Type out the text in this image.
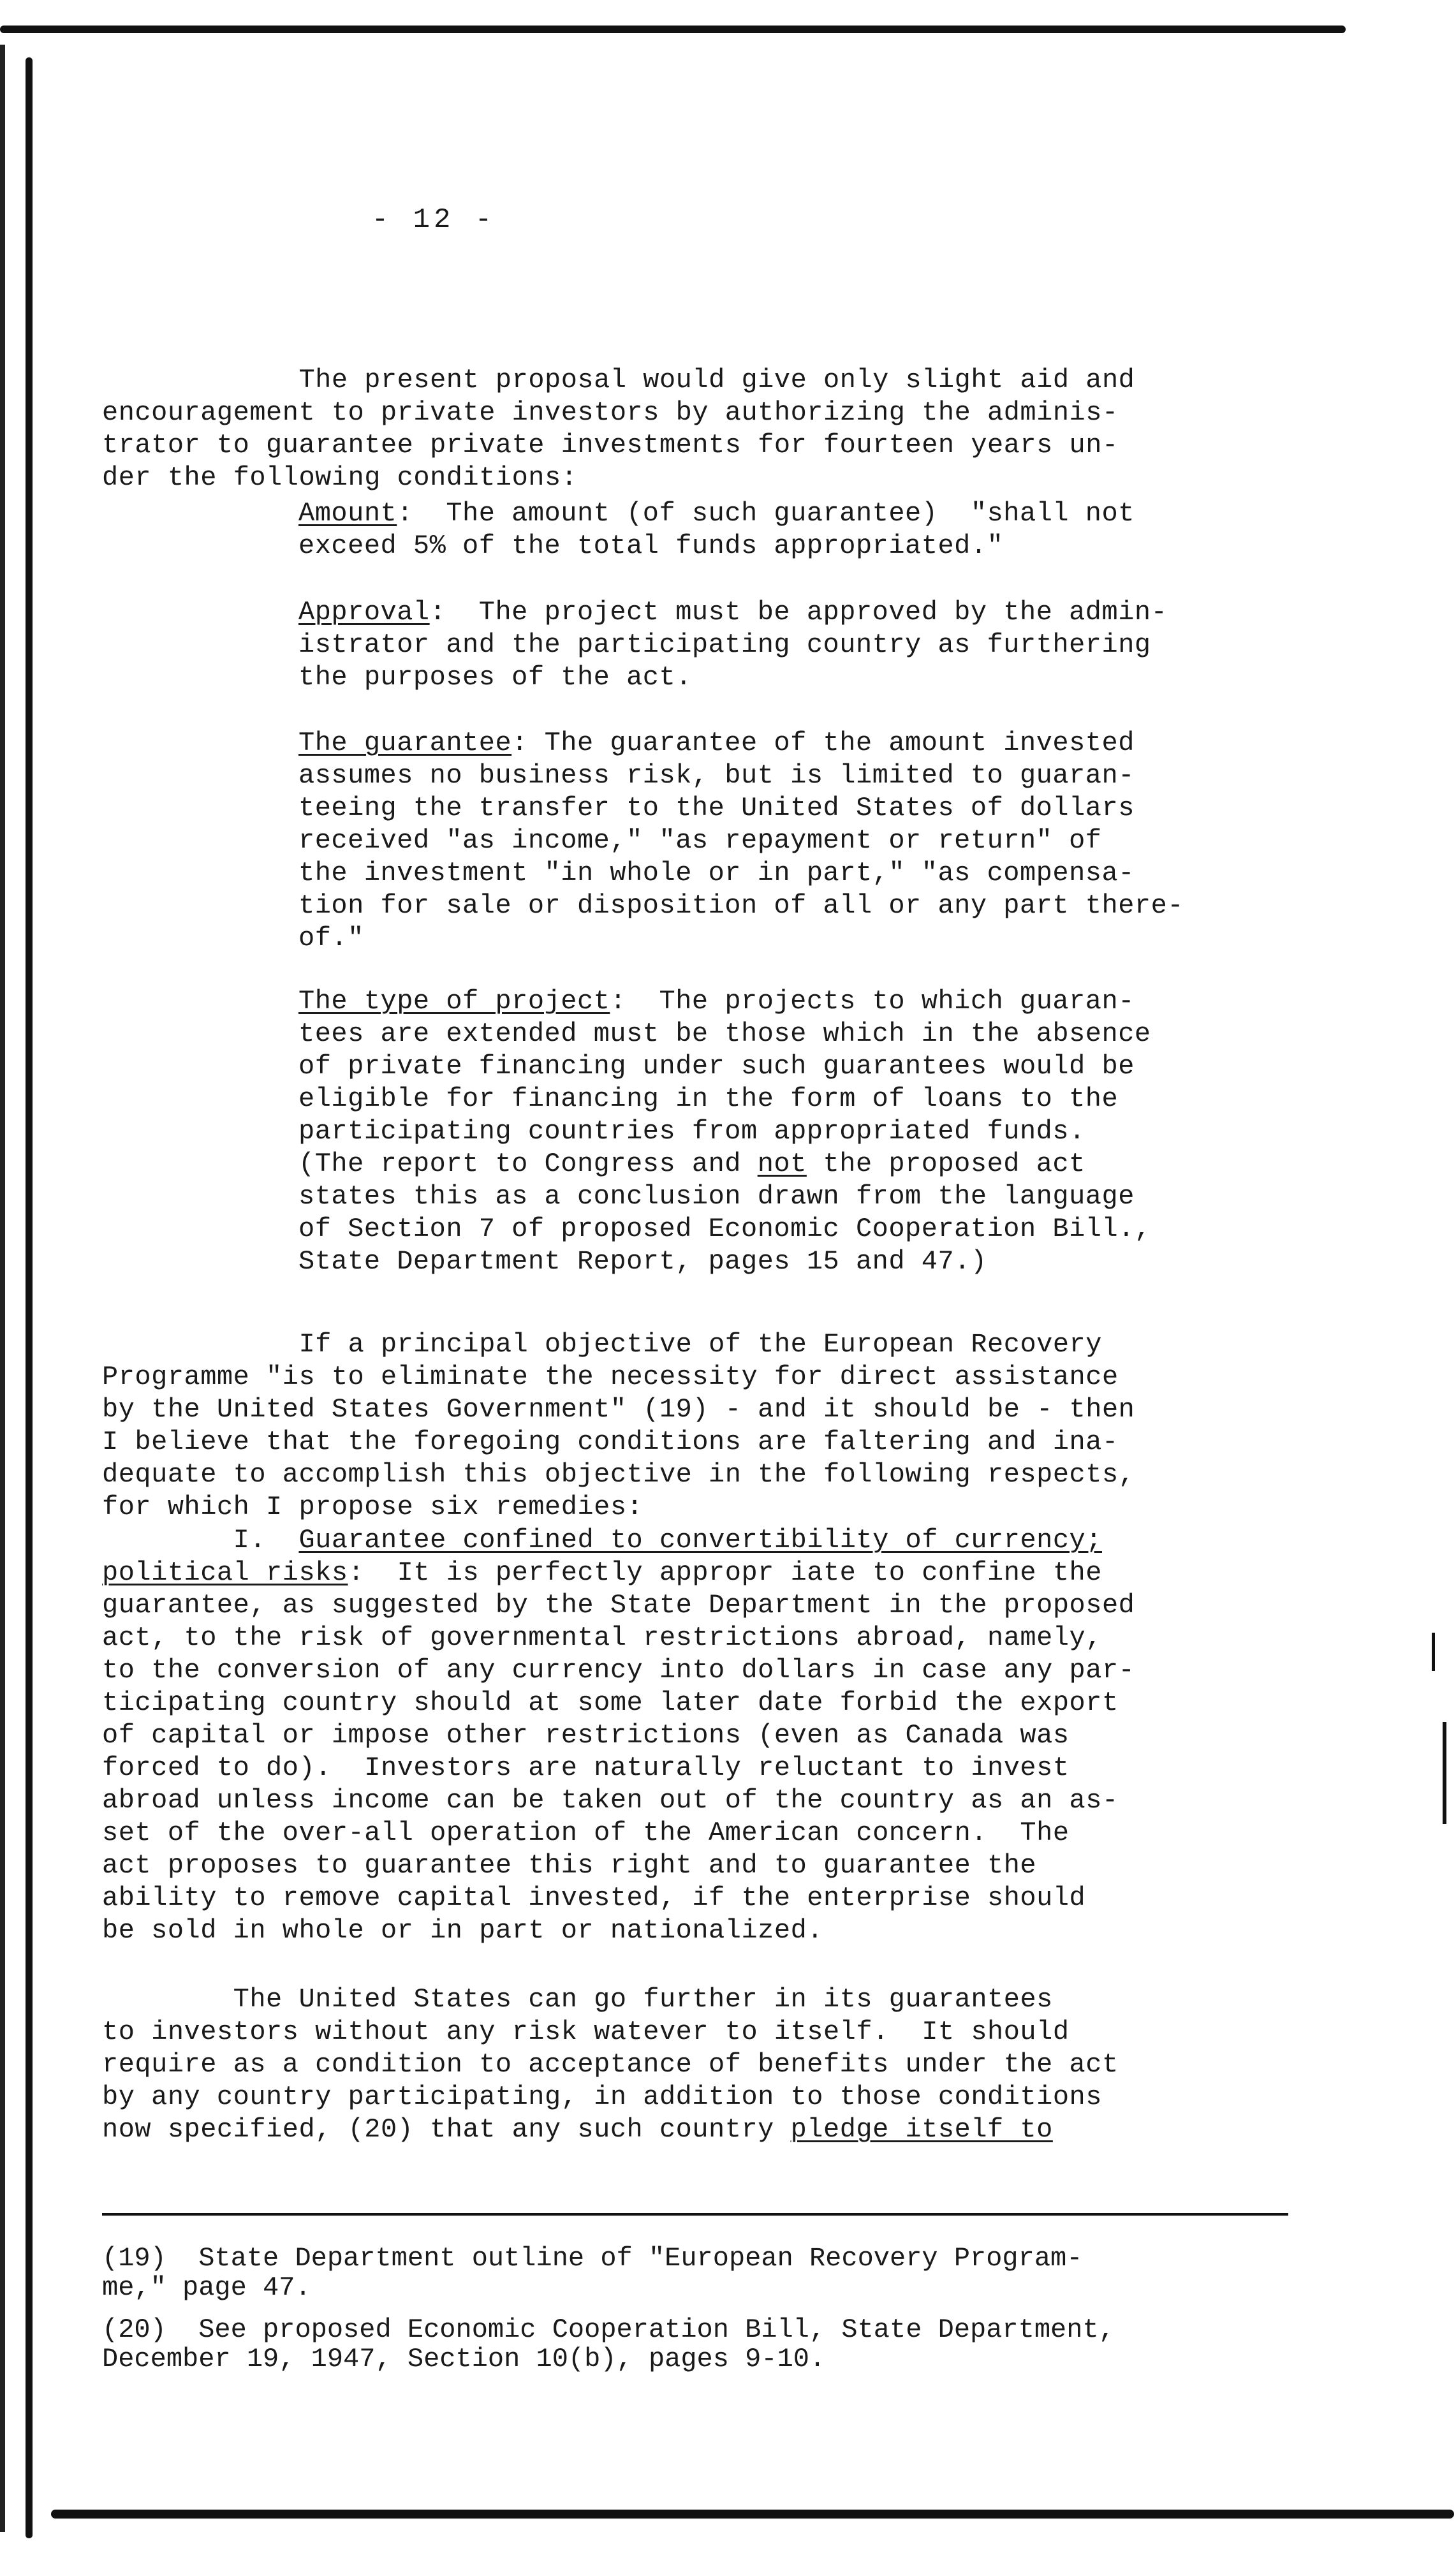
- 12 -

The present proposal would give only slight aid and
encouragement to private investors by authorizing the adminis-
trator to guarantee private investments for fourteen years un-
der the following conditions:

Amount:  The amount (of such guarantee)  "shall not
exceed 5% of the total funds appropriated."

Approval:  The project must be approved by the admin-
istrator and the participating country as furthering
the purposes of the act.

The guarantee: The guarantee of the amount invested
assumes no business risk, but is limited to guaran-
teeing the transfer to the United States of dollars
received "as income," "as repayment or return" of
the investment "in whole or in part," "as compensa-
tion for sale or disposition of all or any part there-
of."

The type of project:  The projects to which guaran-
tees are extended must be those which in the absence
of private financing under such guarantees would be
eligible for financing in the form of loans to the
participating countries from appropriated funds.
(The report to Congress and not the proposed act
states this as a conclusion drawn from the language
of Section 7 of proposed Economic Cooperation Bill.,
State Department Report, pages 15 and 47.)

If a principal objective of the European Recovery
Programme "is to eliminate the necessity for direct assistance
by the United States Government" (19) - and it should be - then
I believe that the foregoing conditions are faltering and ina-
dequate to accomplish this objective in the following respects,
for which I propose six remedies:

I.  Guarantee confined to convertibility of currency;
political risks:  It is perfectly appropr iate to confine the
guarantee, as suggested by the State Department in the proposed
act, to the risk of governmental restrictions abroad, namely,
to the conversion of any currency into dollars in case any par-
ticipating country should at some later date forbid the export
of capital or impose other restrictions (even as Canada was
forced to do).  Investors are naturally reluctant to invest
abroad unless income can be taken out of the country as an as-
set of the over-all operation of the American concern.  The
act proposes to guarantee this right and to guarantee the
ability to remove capital invested, if the enterprise should
be sold in whole or in part or nationalized.

The United States can go further in its guarantees
to investors without any risk watever to itself.  It should
require as a condition to acceptance of benefits under the act
by any country participating, in addition to those conditions
now specified, (20) that any such country pledge itself to

(19)  State Department outline of "European Recovery Program-
me," page 47.

(20)  See proposed Economic Cooperation Bill, State Department,
December 19, 1947, Section 10(b), pages 9-10.
